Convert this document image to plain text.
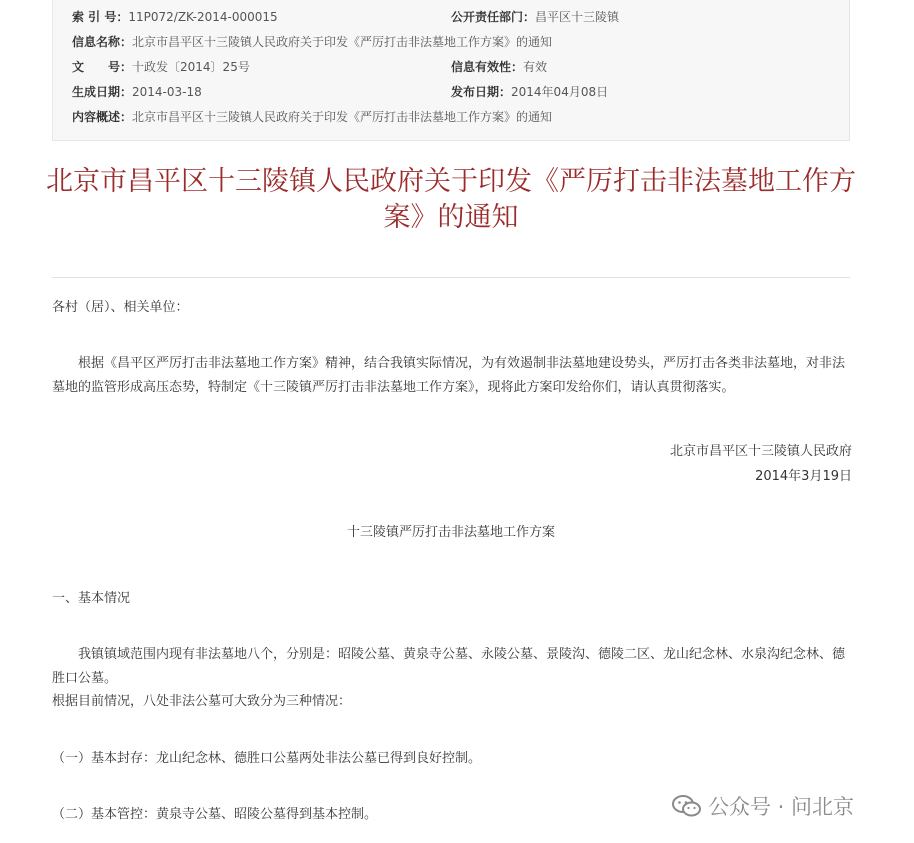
索 引 号：11P072/ZK-2014-000015	公开责任部门：昌平区十三陵镇
信息名称：北京市昌平区十三陵镇人民政府关于印发《严厉打击非法墓地工作方案》的通知
文　　号：十政发〔2014〕25号	信息有效性：有效
生成日期：2014-03-18	发布日期：2014年04月08日
内容概述：北京市昌平区十三陵镇人民政府关于印发《严厉打击非法墓地工作方案》的通知
北京市昌平区十三陵镇人民政府关于印发《严厉打击非法墓地工作方案》的通知

各村（居）、相关单位：

根据《昌平区严厉打击非法墓地工作方案》精神，结合我镇实际情况，为有效遏制非法墓地建设势头，严厉打击各类非法墓地，对非法墓地的监管形成高压态势，特制定《十三陵镇严厉打击非法墓地工作方案》，现将此方案印发给你们，请认真贯彻落实。

北京市昌平区十三陵镇人民政府

2014年3月19日

十三陵镇严厉打击非法墓地工作方案

一、基本情况

我镇镇域范围内现有非法墓地八个，分别是：昭陵公墓、黄泉寺公墓、永陵公墓、景陵沟、德陵二区、龙山纪念林、水泉沟纪念林、德胜口公墓。

根据目前情况，八处非法公墓可大致分为三种情况：

（一）基本封存：龙山纪念林、德胜口公墓两处非法公墓已得到良好控制。

（二）基本管控：黄泉寺公墓、昭陵公墓得到基本控制。	公众号 · 问北京
